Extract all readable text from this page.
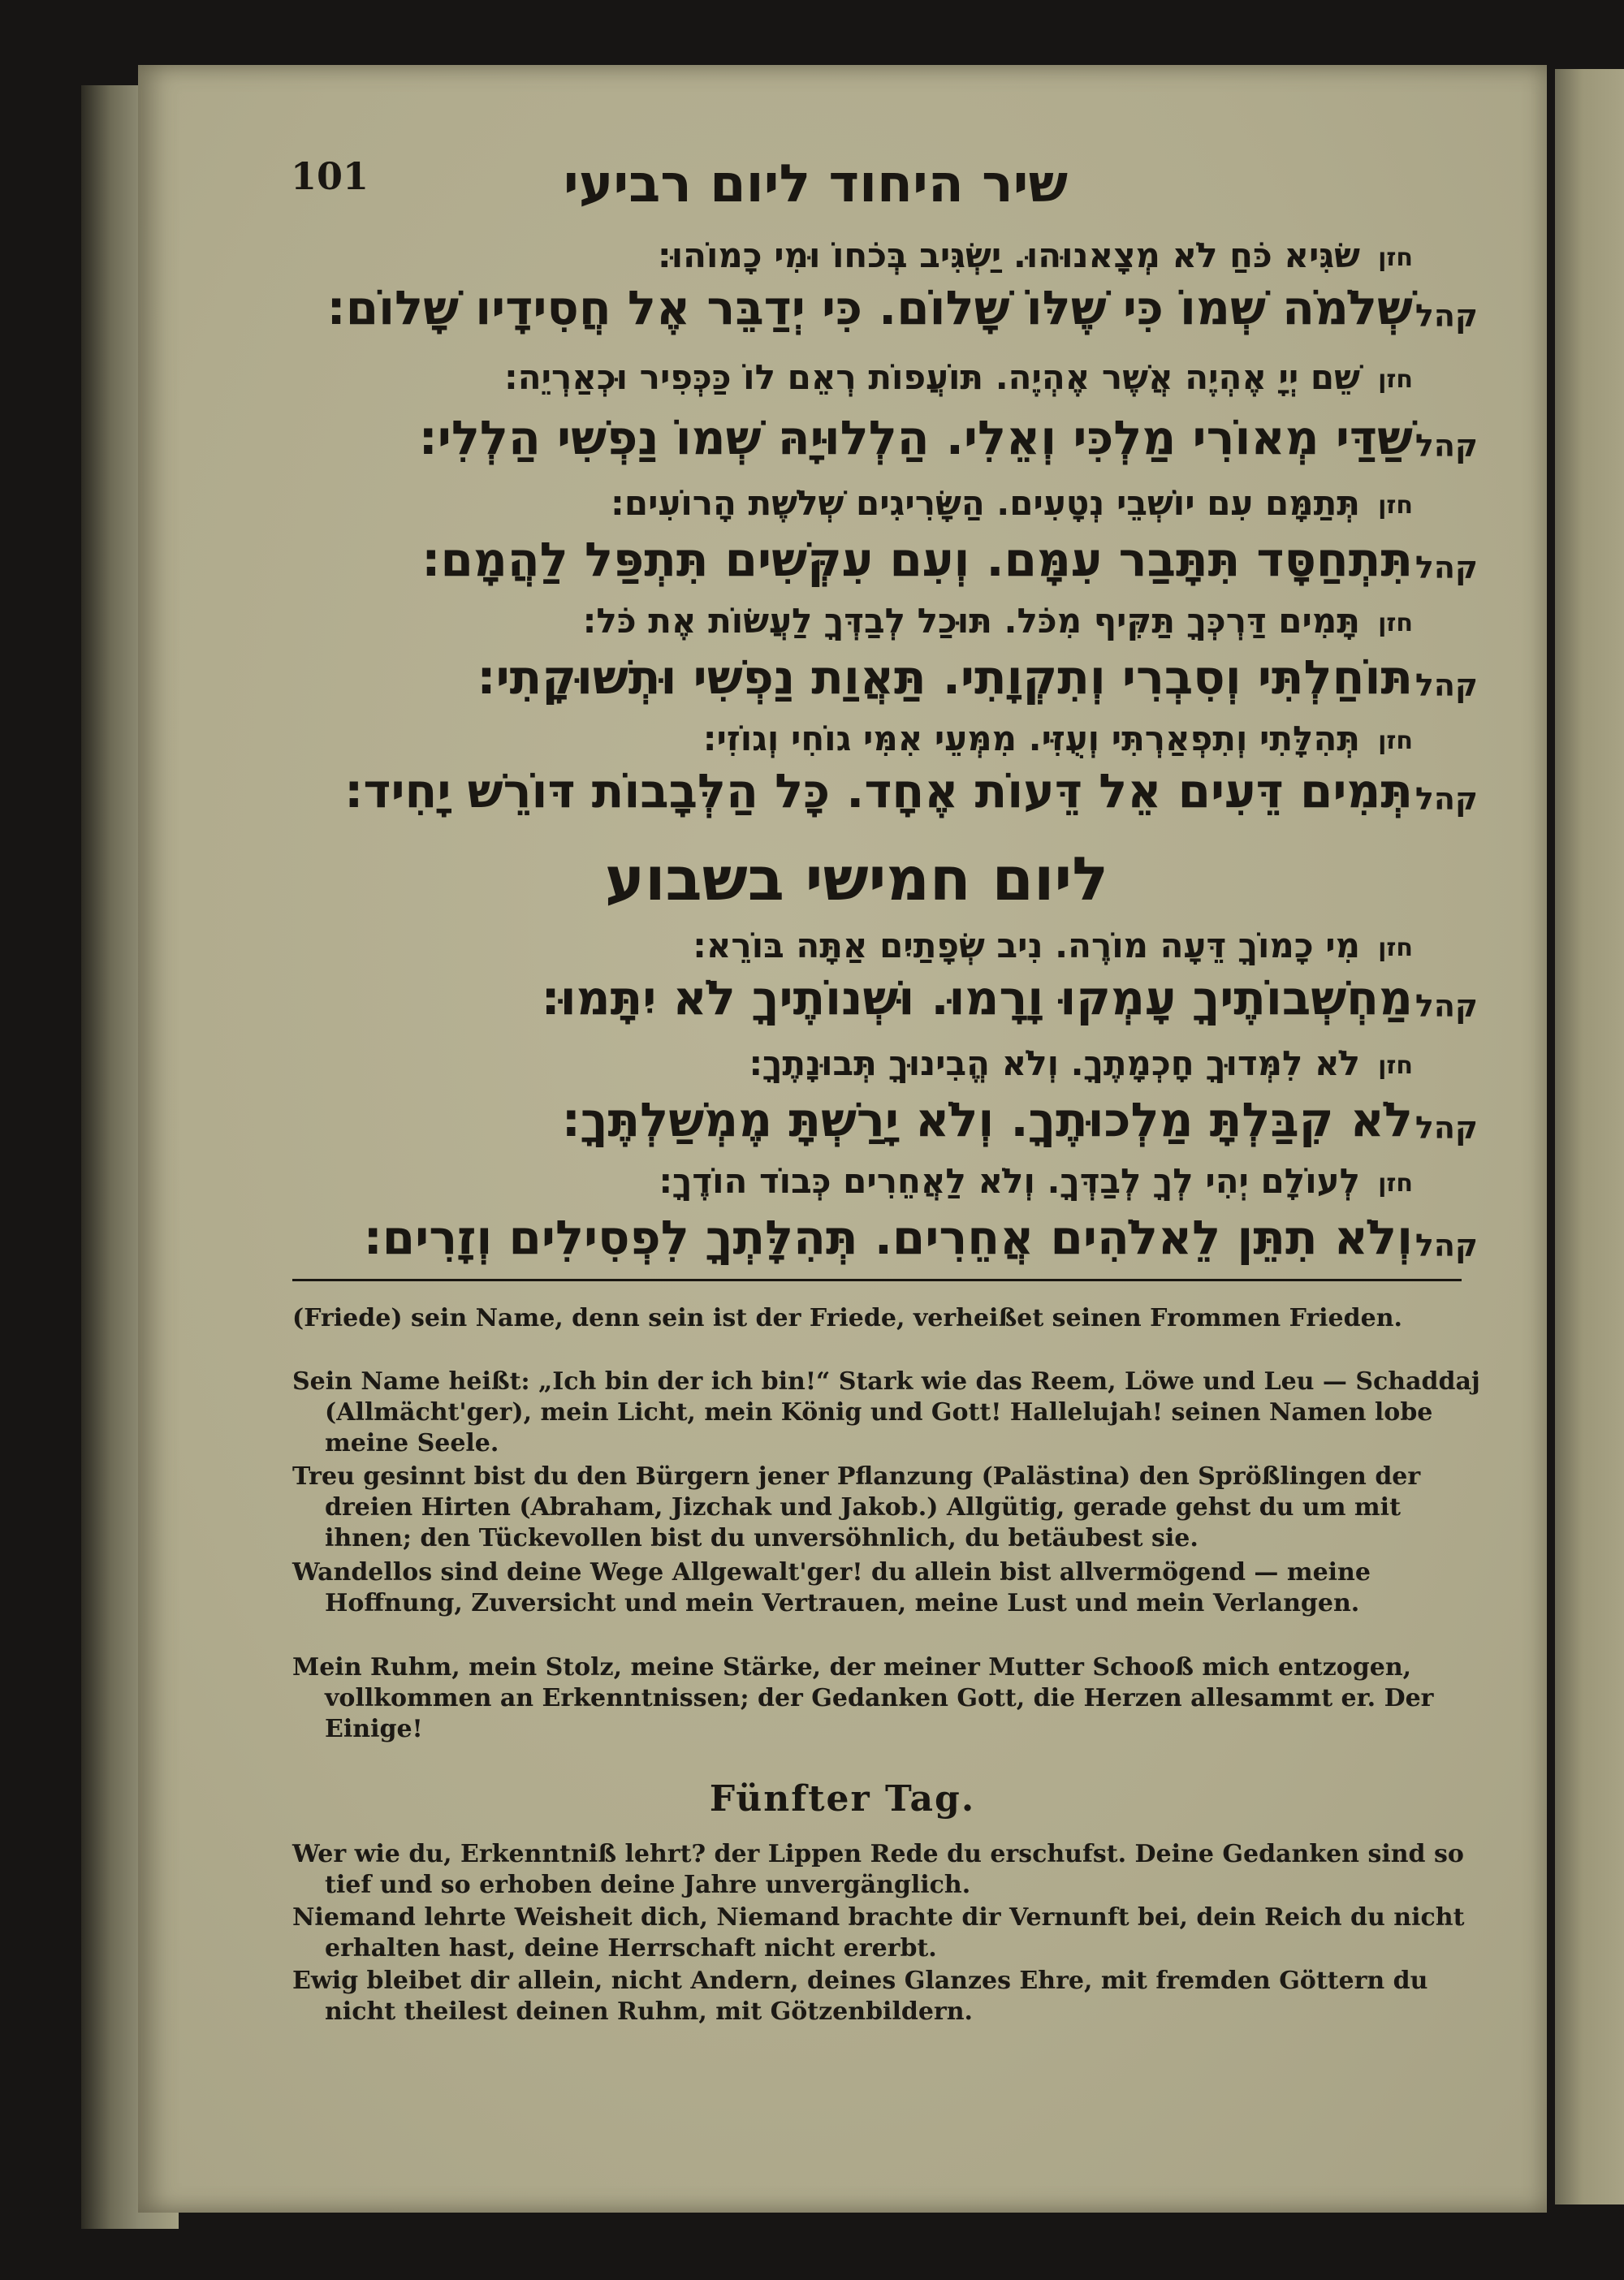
101	שיר היחוד ליום רביעי
חזן
שׂגִּיא כֹּחַ לֹא מְצָאנוּהוּ. יַשְׂגִּיב בְּכֹחוֹ וּמִי כָמוֹהוּ:
קהל
שְׁלֹמֹה שְׁמוֹ כִּי שֶׁלּוֹ שָׁלוֹם. כִּי יְדַבֵּר אֶל חֲסִידָיו שָׁלוֹם:
חזן
שֵׁם יְיָ אֶהְיֶה אֲשֶׁר אֶהְיֶה. תּוֹעֲפוֹת רְאֵם לוֹ כַּכְּפִיר וּכְאַרְיֵה:
קהל
שַׁדַּי מְאוֹרִי מַלְכִּי וְאֵלִי. הַלְלוּיָהּ שְׁמוֹ נַפְשִׁי הַלְלִי:
חזן
תְּתַמָּם עִם יוֹשְׁבֵי נְטָעִים. הַשָּׂרִיגִים שְׁלֹשֶׁת הָרוֹעִים:
קהל
תִּתְחַסָּד תִּתָּבַר עִמָּם. וְעִם עִקְּשִׁים תִּתְפַּל לַהֲמָם:
חזן
תָּמִים דַּרְכְּךָ תַּקִּיף מִכֹּל. תּוּכַל לְבַדְּךָ לַעֲשׂוֹת אֶת כֹּל:
קהל
תּוֹחַלְתִּי וְסִבְרִי וְתִקְוָתִי. תַּאֲוַת נַפְשִׁי וּתְשׁוּקָתִי:
חזן
תְּהִלָּתִי וְתִפְאַרְתִּי וְעֻזִּי. מִמְּעֵי אִמִּי גוֹחִי וְגוֹזִי:
קהל
תְּמִים דֵּעִים אֵל דֵּעוֹת אֶחָד. כָּל הַלְּבָבוֹת דּוֹרֵשׁ יָחִיד:
ליום חמישי בשבוע
חזן
מִי כָמוֹךָ דֵּעָה מוֹרֶה. נִיב שְׂפָתַיִם אַתָּה בּוֹרֵא:
קהל
מַחְשְׁבוֹתֶיךָ עָמְקוּ וָרָמוּ. וּשְׁנוֹתֶיךָ לֹא יִתָּמוּ:
חזן
לֹא לִמְּדוּךָ חָכְמָתֶךָ. וְלֹא הֱבִינוּךָ תְּבוּנָתֶךָ:
קהל
לֹא קִבַּלְתָּ מַלְכוּתֶךָ. וְלֹא יָרַשְׁתָּ מֶמְשַׁלְתֶּךָ:
חזן
לְעוֹלָם יְהִי לְךָ לְבַדְּךָ. וְלֹא לַאֲחֵרִים כְּבוֹד הוֹדֶךָ:
קהל
וְלֹא תִתֵּן לֵאלֹהִים אֲחֵרִים. תְּהִלָּתְךָ לִפְסִילִים וְזָרִים:
(Friede) sein Name, denn sein ist der Friede, verheißet seinen Frommen Frieden.
Sein Name heißt: „Ich bin der ich bin!“ Stark wie das Reem, Löwe und Leu — Schaddaj (Allmächt'ger), mein Licht, mein König und Gott! Hallelujah! seinen Namen lobe meine Seele.
Treu gesinnt bist du den Bürgern jener Pflanzung (Palästina) den Sprößlingen der dreien Hirten (Abraham, Jizchak und Jakob.) Allgütig, gerade gehst du um mit ihnen; den Tückevollen bist du unversöhnlich, du betäubest sie.
Wandellos sind deine Wege Allgewalt'ger! du allein bist allvermögend — meine Hoffnung, Zuversicht und mein Vertrauen, meine Lust und mein Verlangen.
Mein Ruhm, mein Stolz, meine Stärke, der meiner Mutter Schooß mich entzogen, vollkommen an Erkenntnissen; der Gedanken Gott, die Herzen allesammt er. Der Einige!
Fünfter Tag.
Wer wie du, Erkenntniß lehrt? der Lippen Rede du erschufst. Deine Gedanken sind so tief und so erhoben deine Jahre unvergänglich.
Niemand lehrte Weisheit dich, Niemand brachte dir Vernunft bei, dein Reich du nicht erhalten hast, deine Herrschaft nicht ererbt.
Ewig bleibet dir allein, nicht Andern, deines Glanzes Ehre, mit fremden Göttern du nicht theilest deinen Ruhm, mit Götzenbildern.
